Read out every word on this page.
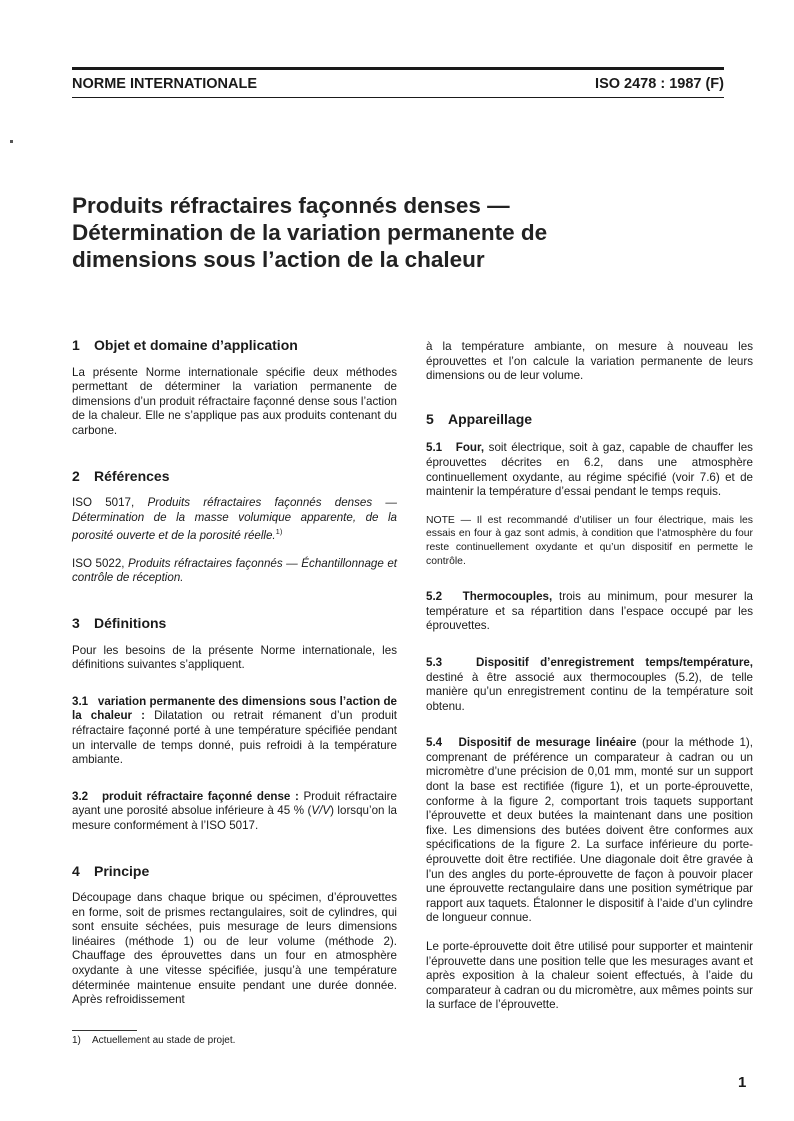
NORME INTERNATIONALE	ISO 2478 : 1987 (F)
Produits réfractaires façonnés denses —
Détermination de la variation permanente de
dimensions sous l’action de la chaleur
1 Objet et domaine d’application

La présente Norme internationale spécifie deux méthodes permettant de déterminer la variation permanente de dimensions d’un produit réfractaire façonné dense sous l’action de la chaleur. Elle ne s’applique pas aux produits contenant du carbone.

2 Références

ISO 5017, Produits réfractaires façonnés denses — Détermination de la masse volumique apparente, de la porosité ouverte et de la porosité réelle.$^{1)}$

ISO 5022, Produits réfractaires façonnés — Échantillonnage et contrôle de réception.

3 Définitions

Pour les besoins de la présente Norme internationale, les définitions suivantes s’appliquent.

3.1 variation permanente des dimensions sous l’action de la chaleur : Dilatation ou retrait rémanent d’un produit réfractaire façonné porté à une température spécifiée pendant un intervalle de temps donné, puis refroidi à la température ambiante.

3.2 produit réfractaire façonné dense : Produit réfractaire ayant une porosité absolue inférieure à 45 % (V/V) lorsqu’on la mesure conformément à l’ISO 5017.

4 Principe

Découpage dans chaque brique ou spécimen, d’éprouvettes en forme, soit de prismes rectangulaires, soit de cylindres, qui sont ensuite séchées, puis mesurage de leurs dimensions linéaires (méthode 1) ou de leur volume (méthode 2). Chauffage des éprouvettes dans un four en atmosphère oxydante à une vitesse spécifiée, jusqu’à une température déterminée maintenue ensuite pendant une durée donnée. Après refroidissement

à la température ambiante, on mesure à nouveau les éprouvettes et l’on calcule la variation permanente de leurs dimensions ou de leur volume.

5 Appareillage

5.1 Four, soit électrique, soit à gaz, capable de chauffer les éprouvettes décrites en 6.2, dans une atmosphère continuellement oxydante, au régime spécifié (voir 7.6) et de maintenir la température d’essai pendant le temps requis.

NOTE — Il est recommandé d’utiliser un four électrique, mais les essais en four à gaz sont admis, à condition que l’atmosphère du four reste continuellement oxydante et qu’un dispositif en permette le contrôle.

5.2 Thermocouples, trois au minimum, pour mesurer la température et sa répartition dans l’espace occupé par les éprouvettes.

5.3	Dispositif d’enregistrement temps/température, destiné à être associé aux thermocouples (5.2), de telle manière qu’un enregistrement continu de la température soit obtenu.

5.4 Dispositif de mesurage linéaire (pour la méthode 1), comprenant de préférence un comparateur à cadran ou un micromètre d’une précision de 0,01 mm, monté sur un support dont la base est rectifiée (figure 1), et un porte-éprouvette, conforme à la figure 2, comportant trois taquets supportant l’éprouvette et deux butées la maintenant dans une position fixe. Les dimensions des butées doivent être conformes aux spécifications de la figure 2. La surface inférieure du porte-éprouvette doit être rectifiée. Une diagonale doit être gravée à l’un des angles du porte-éprouvette de façon à pouvoir placer une éprouvette rectangulaire dans une position symétrique par rapport aux taquets. Étalonner le dispositif à l’aide d’un cylindre de longueur connue.

Le porte-éprouvette doit être utilisé pour supporter et maintenir l’éprouvette dans une position telle que les mesurages avant et après exposition à la chaleur soient effectués, à l’aide du comparateur à cadran ou du micromètre, aux mêmes points sur la surface de l’éprouvette.

1) Actuellement au stade de projet.
1
